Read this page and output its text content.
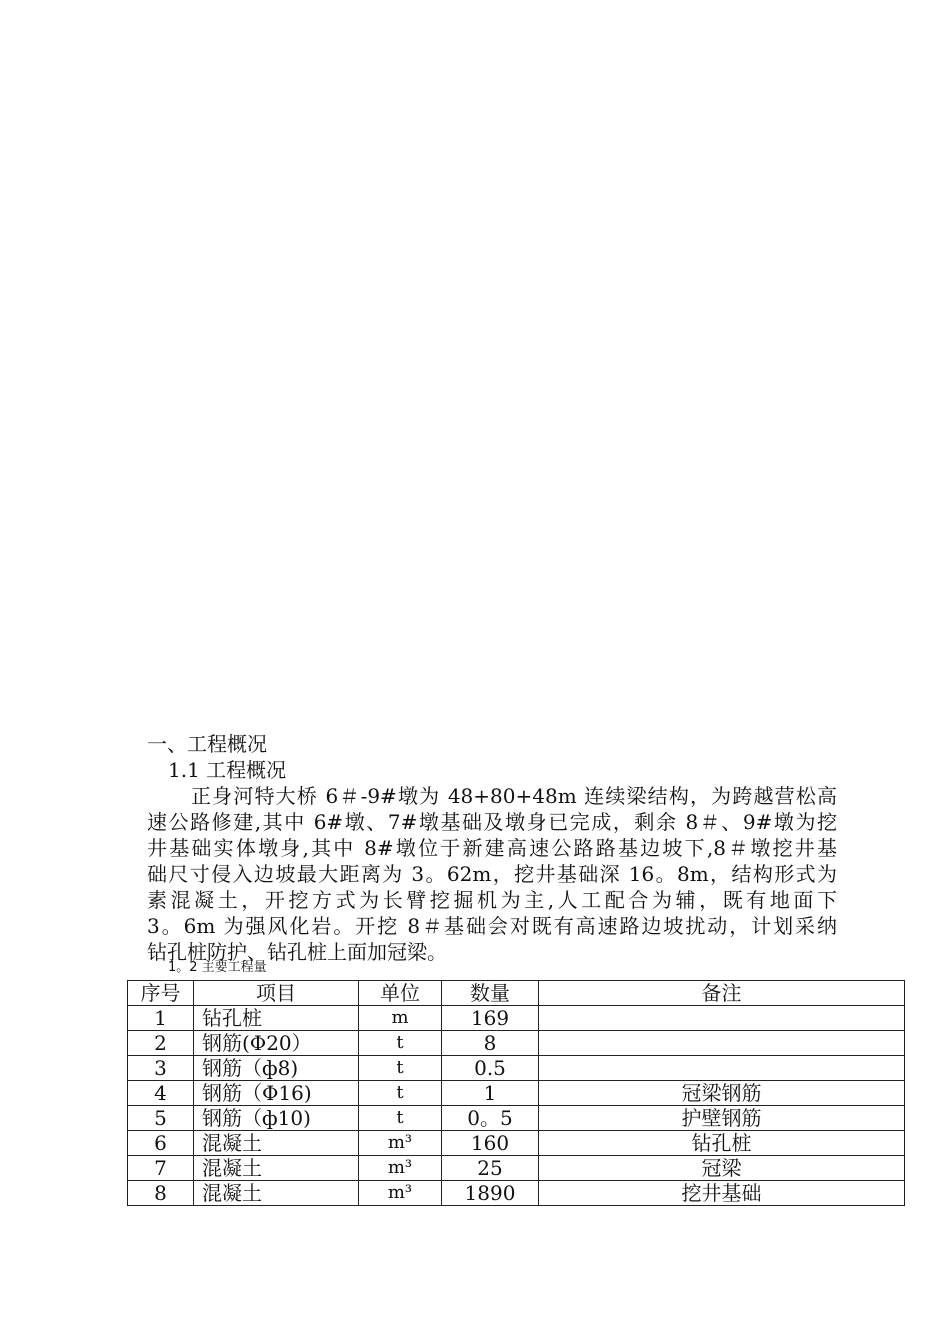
一、工程概况
1.1 工程概况
正身河特大桥 6＃-9#墩为 48+80+48m 连续梁结构，为跨越营松高
速公路修建,其中 6#墩、7#墩基础及墩身已完成，剩余 8＃、9#墩为挖
井基础实体墩身,其中 8#墩位于新建高速公路路基边坡下,8＃墩挖井基
础尺寸侵入边坡最大距离为 3。62m，挖井基础深 16。8m，结构形式为
素混凝土，开挖方式为长臂挖掘机为主,人工配合为辅，既有地面下
3。6m 为强风化岩。开挖 8＃基础会对既有高速路边坡扰动，计划采纳
钻孔桩防护、钻孔桩上面加冠梁。
1。2 主要工程量
序号	项目	单位	数量	备注
1	钻孔桩	m	169	
2	钢筋(Φ20）	t	8	
3	钢筋（ф8)	t	0.5	
4	钢筋（Φ16)	t	1	冠梁钢筋
5	钢筋（ф10)	t	0。5	护壁钢筋
6	混凝土	m³	160	钻孔桩
7	混凝土	m³	25	冠梁
8	混凝土	m³	1890	挖井基础
